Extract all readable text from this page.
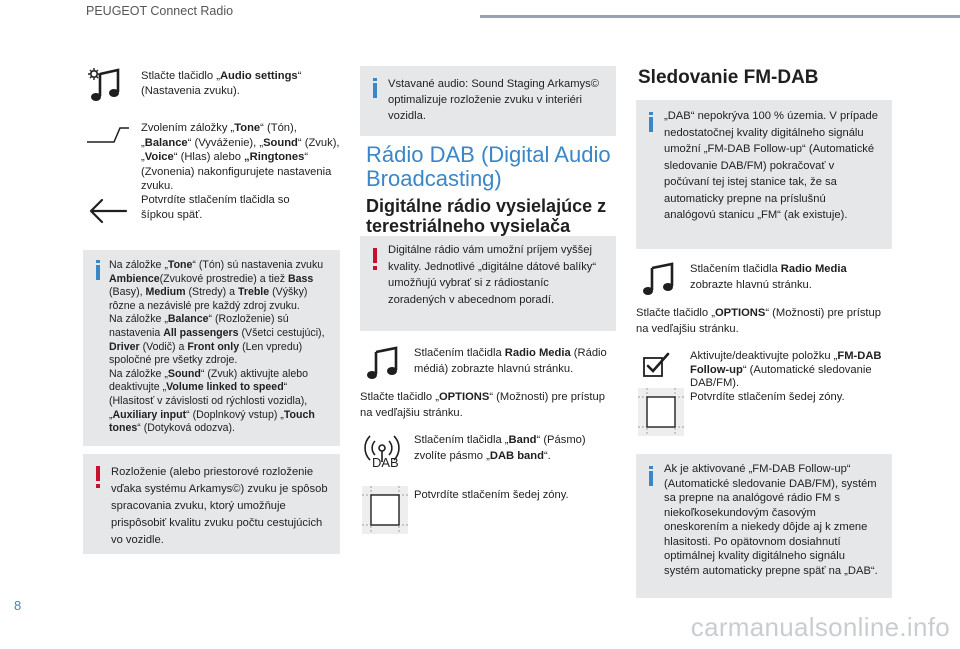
PEUGEOT Connect Radio
Stlačte tlačidlo „Audio settings“ (Nastavenia zvuku).
Zvolením záložky „Tone“ (Tón), „Balance“ (Vyváženie), „Sound“ (Zvuk), „Voice“ (Hlas) alebo „Ringtones“ (Zvonenia) nakonfigurujete nastavenia zvuku.
Potvrdíte stlačením tlačidla so šípkou späť.
Na záložke „Tone“ (Tón) sú nastavenia zvuku Ambience(Zvukové prostredie) a tiež Bass (Basy), Medium (Stredy) a Treble (Výšky) rôzne a nezávislé pre každý zdroj zvuku.
Na záložke „Balance“ (Rozloženie) sú nastavenia All passengers (Všetci cestujúci), Driver (Vodič) a Front only (Len vpredu) spoločné pre všetky zdroje.
Na záložke „Sound“ (Zvuk) aktivujte alebo deaktivujte „Volume linked to speed“ (Hlasitosť v závislosti od rýchlosti vozidla), „Auxiliary input“ (Doplnkový vstup) „Touch tones“ (Dotyková odozva).
Rozloženie (alebo priestorové rozloženie vďaka systému Arkamys©) zvuku je spôsob spracovania zvuku, ktorý umožňuje prispôsobiť kvalitu zvuku počtu cestujúcich vo vozidle.
Vstavané audio: Sound Staging Arkamys© optimalizuje rozloženie zvuku v interiéri vozidla.
Rádio DAB (Digital Audio Broadcasting)
Digitálne rádio vysielajúce z terestriálneho vysielača
Digitálne rádio vám umožní príjem vyššej kvality. Jednotlivé „digitálne dátové balíky“ umožňujú vybrať si z rádiostaníc zoradených v abecednom poradí.
Stlačením tlačidla Radio Media (Rádio médiá) zobrazte hlavnú stránku.
Stlačte tlačidlo „OPTIONS“ (Možnosti) pre prístup na vedľajšiu stránku.
DAB
Stlačením tlačidla „Band“ (Pásmo) zvolíte pásmo „DAB band“.
Potvrdíte stlačením šedej zóny.
Sledovanie FM-DAB
„DAB“ nepokrýva 100 % územia. V prípade nedostatočnej kvality digitálneho signálu umožní „FM-DAB Follow-up“ (Automatické sledovanie DAB/FM) pokračovať v počúvaní tej istej stanice tak, že sa automaticky prepne na príslušnú analógovú stanicu „FM“ (ak existuje).
Stlačením tlačidla Radio Media zobrazte hlavnú stránku.
Stlačte tlačidlo „OPTIONS“ (Možnosti) pre prístup na vedľajšiu stránku.
Aktivujte/deaktivujte položku „FM-DAB Follow-up“ (Automatické sledovanie DAB/FM).
Potvrdíte stlačením šedej zóny.
Ak je aktivované „FM-DAB Follow-up“ (Automatické sledovanie DAB/FM), systém sa prepne na analógové rádio FM s niekoľkosekundovým časovým oneskorením a niekedy dôjde aj k zmene hlasitosti. Po opätovnom dosiahnutí optimálnej kvality digitálneho signálu systém automaticky prepne späť na „DAB“.
8
carmanualsonline.info
